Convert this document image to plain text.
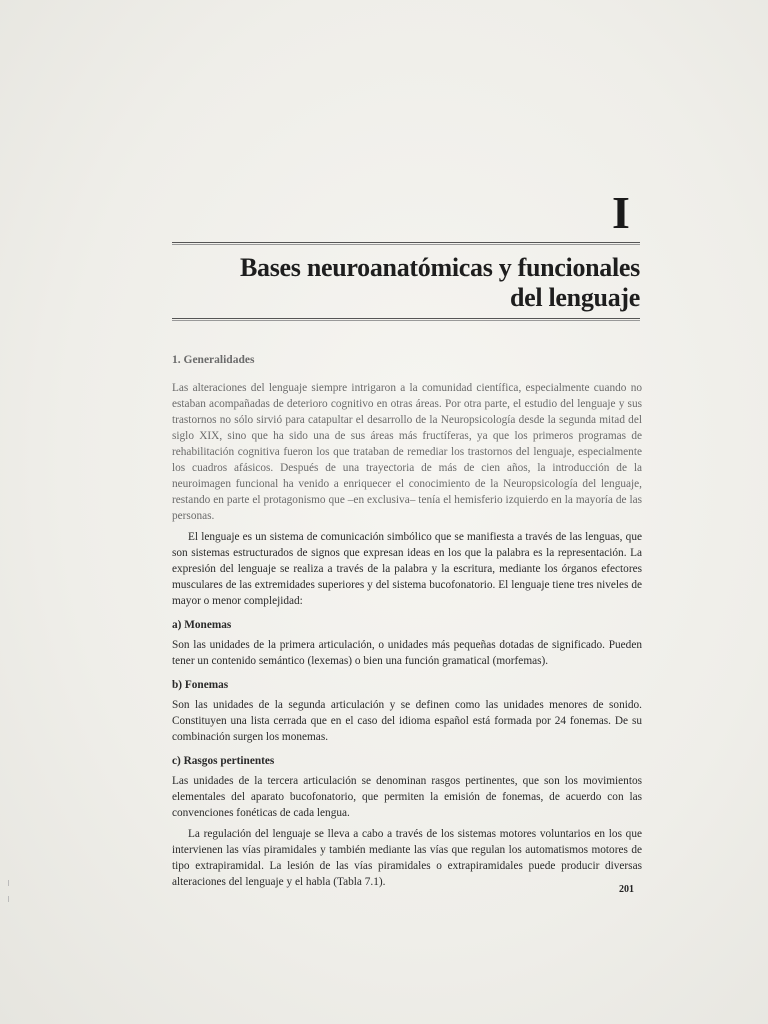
I
Bases neuroanatómicas y funcionales
del lenguaje
1. Generalidades

Las alteraciones del lenguaje siempre intrigaron a la comunidad científica, especialmente cuando no estaban acompañadas de deterioro cognitivo en otras áreas. Por otra parte, el estudio del lenguaje y sus trastornos no sólo sirvió para catapultar el desarrollo de la Neuropsicología desde la segunda mitad del siglo XIX, sino que ha sido una de sus áreas más fructíferas, ya que los primeros programas de rehabilitación cognitiva fueron los que trataban de remediar los trastornos del lenguaje, especialmente los cuadros afásicos. Después de una trayectoria de más de cien años, la introducción de la neuroimagen funcional ha venido a enriquecer el conocimiento de la Neuropsicología del lenguaje, restando en parte el protagonismo que –en exclusiva– tenía el hemisferio izquierdo en la mayoría de las personas.

El lenguaje es un sistema de comunicación simbólico que se manifiesta a través de las lenguas, que son sistemas estructurados de signos que expresan ideas en los que la palabra es la representación. La expresión del lenguaje se realiza a través de la palabra y la escritura, mediante los órganos efectores musculares de las extremidades superiores y del sistema bucofonatorio. El lenguaje tiene tres niveles de mayor o menor complejidad:

a) Monemas

Son las unidades de la primera articulación, o unidades más pequeñas dotadas de significado. Pueden tener un contenido semántico (lexemas) o bien una función gramatical (morfemas).

b) Fonemas

Son las unidades de la segunda articulación y se definen como las unidades menores de sonido. Constituyen una lista cerrada que en el caso del idioma español está formada por 24 fonemas. De su combinación surgen los monemas.

c) Rasgos pertinentes

Las unidades de la tercera articulación se denominan rasgos pertinentes, que son los movimientos elementales del aparato bucofonatorio, que permiten la emisión de fonemas, de acuerdo con las convenciones fonéticas de cada lengua.

La regulación del lenguaje se lleva a cabo a través de los sistemas motores voluntarios en los que intervienen las vías piramidales y también mediante las vías que regulan los automatismos motores de tipo extrapiramidal. La lesión de las vías piramidales o extrapiramidales puede producir diversas alteraciones del lenguaje y el habla (Tabla 7.1).

201
